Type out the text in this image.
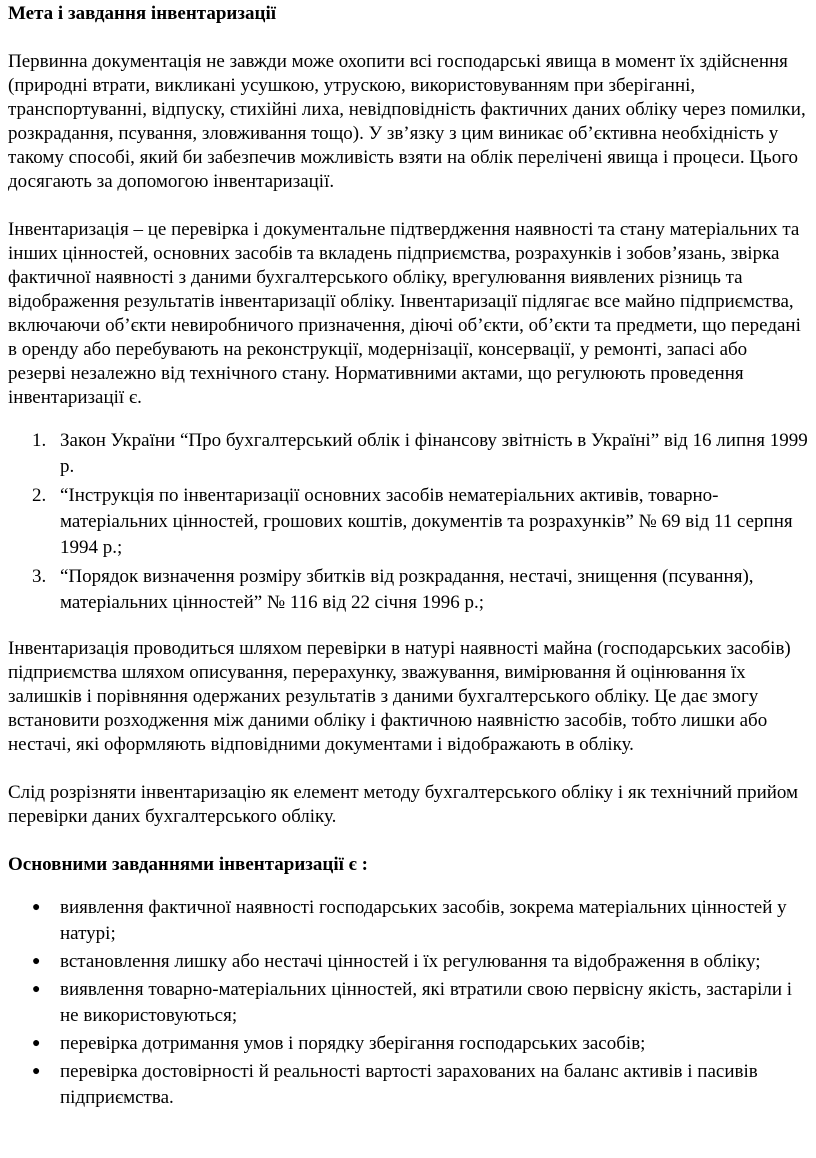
Мета і завдання інвентаризації

Первинна документація не завжди може охопити всі господарські явища в момент їх здійснення (природні втрати, викликані усушкою, утрускою, використовуванням при зберіганні, транспортуванні, відпуску, стихійні лиха, невідповідність фактичних даних обліку через помилки, розкрадання, псування, зловживання тощо). У зв’язку з цим виникає об’єктивна необхідність у такому способі, який би забезпечив можливість взяти на облік перелічені явища і процеси. Цього досягають за допомогою інвентаризації.

Інвентаризація – це перевірка і документальне підтвердження наявності та стану матеріальних та інших цінностей, основних засобів та вкладень підприємства, розрахунків і зобов’язань, звірка фактичної наявності з даними бухгалтерського обліку, врегулювання виявлених різниць та відображення результатів інвентаризації обліку. Інвентаризації підлягає все майно підприємства, включаючи об’єкти невиробничого призначення, діючі об’єкти, об’єкти та предмети, що передані в оренду або перебувають на реконструкції, модернізації, консервації, у ремонті, запасі або резерві незалежно від технічного стану. Нормативними актами, що регулюють проведення інвентаризації є.

1. Закон України “Про бухгалтерський облік і фінансову звітність в Україні” від 16 липня 1999 р.
2. “Інструкція по інвентаризації основних засобів нематеріальних активів, товарно-матеріальних цінностей, грошових коштів, документів та розрахунків” № 69 від 11 серпня 1994 р.;
3. “Порядок визначення розміру збитків від розкрадання, нестачі, знищення (псування), матеріальних цінностей” № 116 від 22 січня 1996 р.;

Інвентаризація проводиться шляхом перевірки в натурі наявності майна (господарських засобів) підприємства шляхом описування, перерахунку, зважування, вимірювання й оцінювання їх залишків і порівняння одержаних результатів з даними бухгалтерського обліку. Це дає змогу встановити розходження між даними обліку і фактичною наявністю засобів, тобто лишки або нестачі, які оформляють відповідними документами і відображають в обліку.

Слід розрізняти інвентаризацію як елемент методу бухгалтерського обліку і як технічний прийом перевірки даних бухгалтерського обліку.

Основними завданнями інвентаризації є :

● виявлення фактичної наявності господарських засобів, зокрема матеріальних цінностей у натурі;
● встановлення лишку або нестачі цінностей і їх регулювання та відображення в обліку;
● виявлення товарно-матеріальних цінностей, які втратили свою первісну якість, застаріли і не використовуються;
● перевірка дотримання умов і порядку зберігання господарських засобів;
● перевірка достовірності й реальності вартості зарахованих на баланс активів і пасивів підприємства.
